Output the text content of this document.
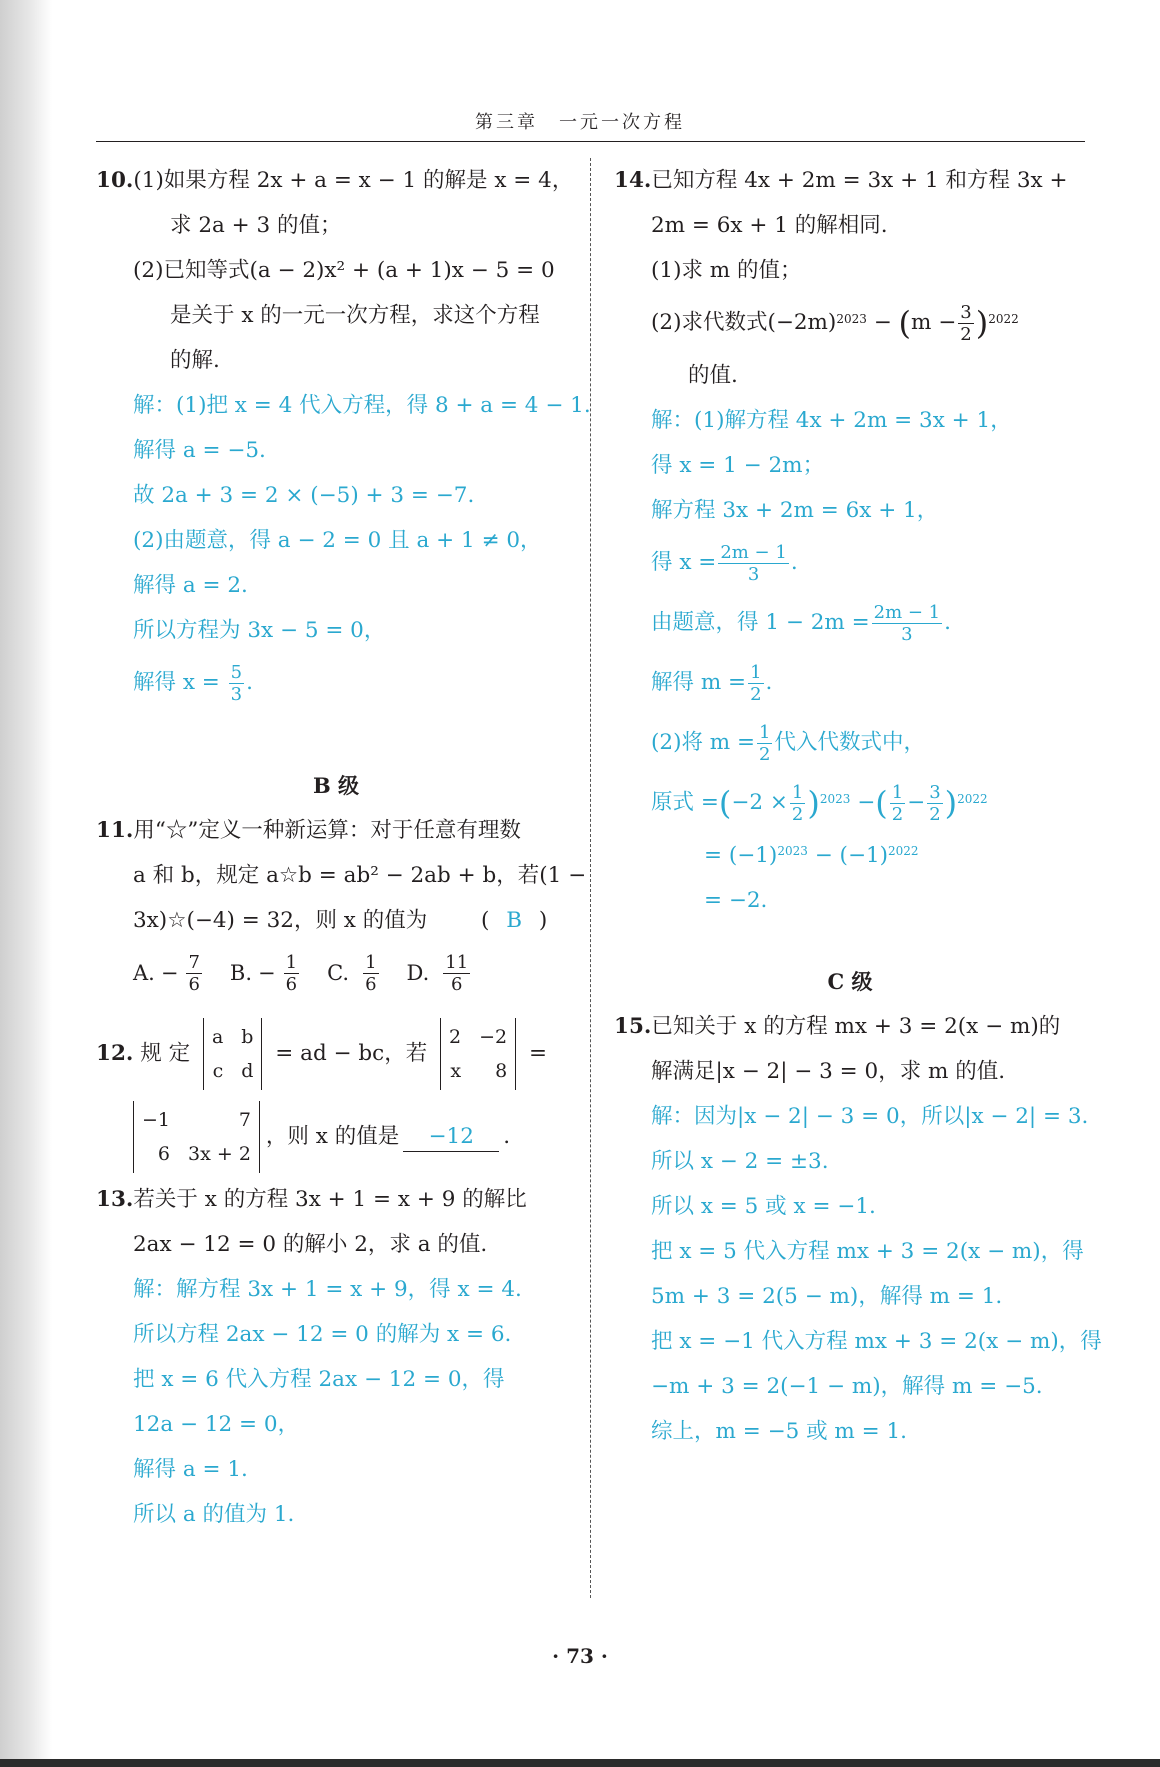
第三章　一元一次方程
10.(1)如果方程 2x + a = x − 1 的解是 x = 4，
求 2a + 3 的值；
(2)已知等式(a − 2)x² + (a + 1)x − 5 = 0
是关于 x 的一元一次方程，求这个方程
的解.
解：(1)把 x = 4 代入方程，得 8 + a = 4 − 1.
解得 a = −5.
故 2a + 3 = 2 × (−5) + 3 = −7.
(2)由题意，得 a − 2 = 0 且 a + 1 ≠ 0，
解得 a = 2.
所以方程为 3x − 5 = 0，
解得 $x = \frac{5}{3}$ .
B 级
11.用“☆”定义一种新运算：对于任意有理数
a 和 b，规定 a☆b = ab² − 2ab + b，若(1 −
3x)☆(−4) = 32，则 x 的值为 ( B )
A. − $\frac{7}{6} B$. − $\frac{1}{6} C$. $\frac{1}{6} D$. $\frac{11}{6}$
12. 规 定
a b
c d
= ad − bc，若
2 −2
x	8
=
−1	7
6 3x + 2
，则 x 的值是 −12 .
13.若关于 x 的方程 3x + 1 = x + 9 的解比
2ax − 12 = 0 的解小 2，求 a 的值.
解：解方程 3x + 1 = x + 9，得 x = 4.
所以方程 2ax − 12 = 0 的解为 x = 6.
把 x = 6 代入方程 2ax − 12 = 0，得
12a − 12 = 0，
解得 a = 1.
所以 a 的值为 1.
14.已知方程 4x + 2m = 3x + 1 和方程 3x +
2m = 6x + 1 的解相同.
(1)求 m 的值；
(2)求代数式$(-2m)^{2023} - (m - \frac{3}{2} )^{2022}$
的值.
解：(1)解方程 4x + 2m = 3x + 1，
得 x = 1 − 2m；
解方程 3x + 2m = 6x + 1，
得 $x = \frac{2m - 1}{3}$ .
由题意，得 $1 - 2m = \frac{2m - 1}{3}$ .
解得 $m = \frac{1}{2}$ .
(2)将 $m = \frac{1}{2}$ 代入代数式中，
原式 $=(-2 \times \frac{1}{2} )^{2023}$ −( $\frac{1}{2} - \frac{3}{2} )^{2022}$
= $(-1)^{2023} - (-1)^{2022}$
= −2.
C 级
15.已知关于 x 的方程 mx + 3 = 2(x − m)的
解满足|x − 2| − 3 = 0，求 m 的值.
解：因为|x − 2| − 3 = 0，所以|x − 2| = 3.
所以 x − 2 = ±3.
所以 x = 5 或 x = −1.
把 x = 5 代入方程 mx + 3 = 2(x − m)，得
5m + 3 = 2(5 − m)，解得 m = 1.
把 x = −1 代入方程 mx + 3 = 2(x − m)，得
−m + 3 = 2(−1 − m)，解得 m = −5.
综上，m = −5 或 m = 1.
· 73 ·
